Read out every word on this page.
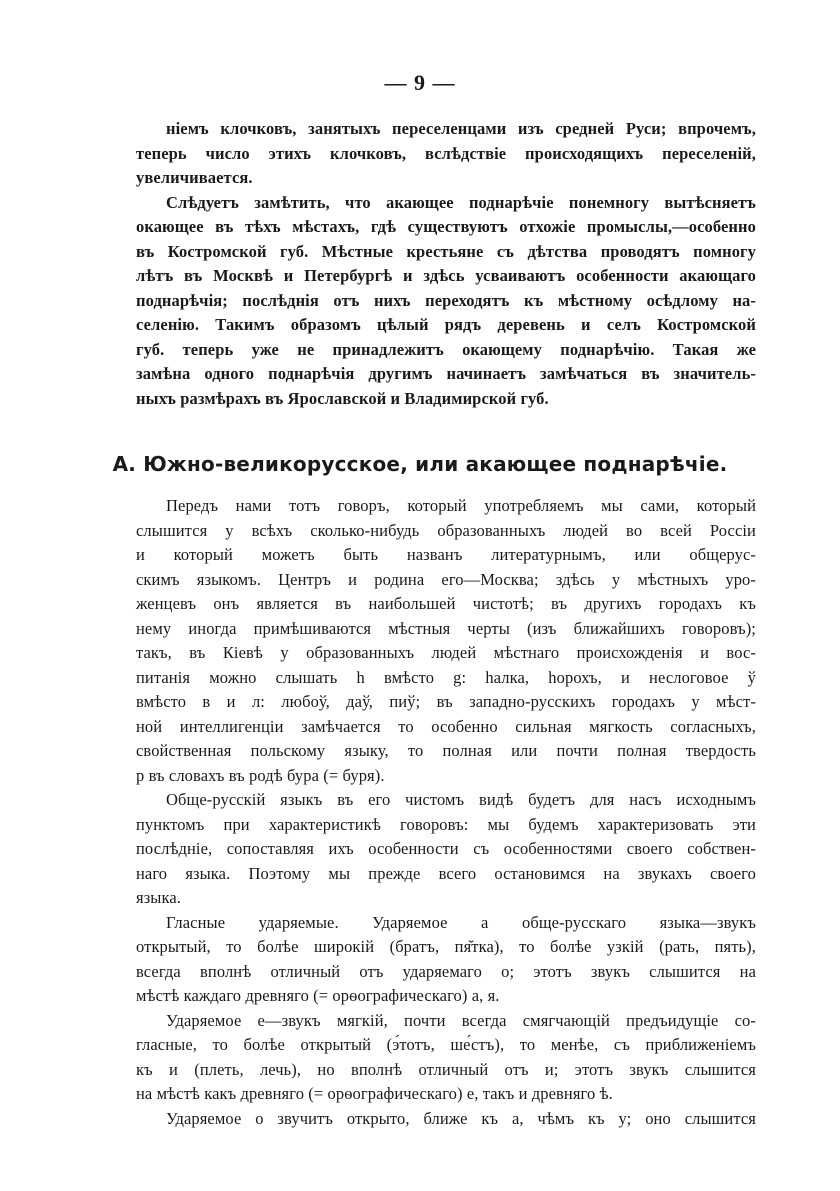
— 9 —
ніемъ клочковъ, занятыхъ переселенцами изъ средней Руси; впрочемъ,
теперь число этихъ клочковъ, вслѣдствіе происходящихъ переселеній,
увеличивается.
Слѣдуетъ замѣтить, что акающее поднарѣчіе понемногу вытѣсняетъ
окающее въ тѣхъ мѣстахъ, гдѣ существуютъ отхожіе промыслы,—особенно
въ Костромской губ. Мѣстные крестьяне съ дѣтства проводятъ помногу
лѣтъ въ Москвѣ и Петербургѣ и здѣсь усваиваютъ особенности акающаго
поднарѣчія; послѣднія отъ нихъ переходятъ къ мѣстному осѣдлому на-
селенію. Такимъ образомъ цѣлый рядъ деревень и селъ Костромской
губ. теперь уже не принадлежитъ окающему поднарѣчію. Такая же
замѣна одного поднарѣчія другимъ начинаетъ замѣчаться въ значитель-
ныхъ размѣрахъ въ Ярославской и Владимирской губ.
А. Южно-великорусское, или акающее поднарѣчіе.
Передъ нами тотъ говоръ, который употребляемъ мы сами, который
слышится у всѣхъ сколько-нибудь образованныхъ людей во всей Россіи
и который можетъ быть названъ литературнымъ, или общерус-
скимъ языкомъ. Центръ и родина его—Москва; здѣсь у мѣстныхъ уро-
женцевъ онъ является въ наибольшей чистотѣ; въ другихъ городахъ къ
нему иногда примѣшиваются мѣстныя черты (изъ ближайшихъ говоровъ);
такъ, въ Кіевѣ у образованныхъ людей мѣстнаго происхожденія и вос-
питанія можно слышать һ вмѣсто g: һалка, һорохъ, и неслоговое ў
вмѣсто в и л: любоў, даў, пиў; въ западно-русскихъ городахъ у мѣст-
ной интеллигенціи замѣчается то особенно сильная мягкость согласныхъ,
свойственная польскому языку, то полная или почти полная твердость
р въ словахъ въ родѣ бура (= буря).
Обще-русскій языкъ въ его чистомъ видѣ будетъ для насъ исходнымъ
пунктомъ при характеристикѣ говоровъ: мы будемъ характеризовать эти
послѣдніе, сопоставляя ихъ особенности съ особенностями своего собствен-
наго языка. Поэтому мы прежде всего остановимся на звукахъ своего
языка.
Гласные ударяемые. Ударяемое а обще-русскаго языка—звукъ
открытый, то болѣе широкій (братъ, пя̆тка), то болѣе узкій (рать, пять),
всегда вполнѣ отличный отъ ударяемаго о; этотъ звукъ слышится на
мѣстѣ каждаго древняго (= орѳографическаго) а, я.
Ударяемое е—звукъ мягкій, почти всегда смягчающій предъидущіе со-
гласные, то болѣе открытый (э́тотъ, ше́стъ), то менѣе, съ приближеніемъ
къ и (плеть, лечь), но вполнѣ отличный отъ и; этотъ звукъ слышится
на мѣстѣ какъ древняго (= орѳографическаго) е, такъ и древняго ѣ.
Ударяемое о звучитъ открыто, ближе къ а, чѣмъ къ у; оно слышится
